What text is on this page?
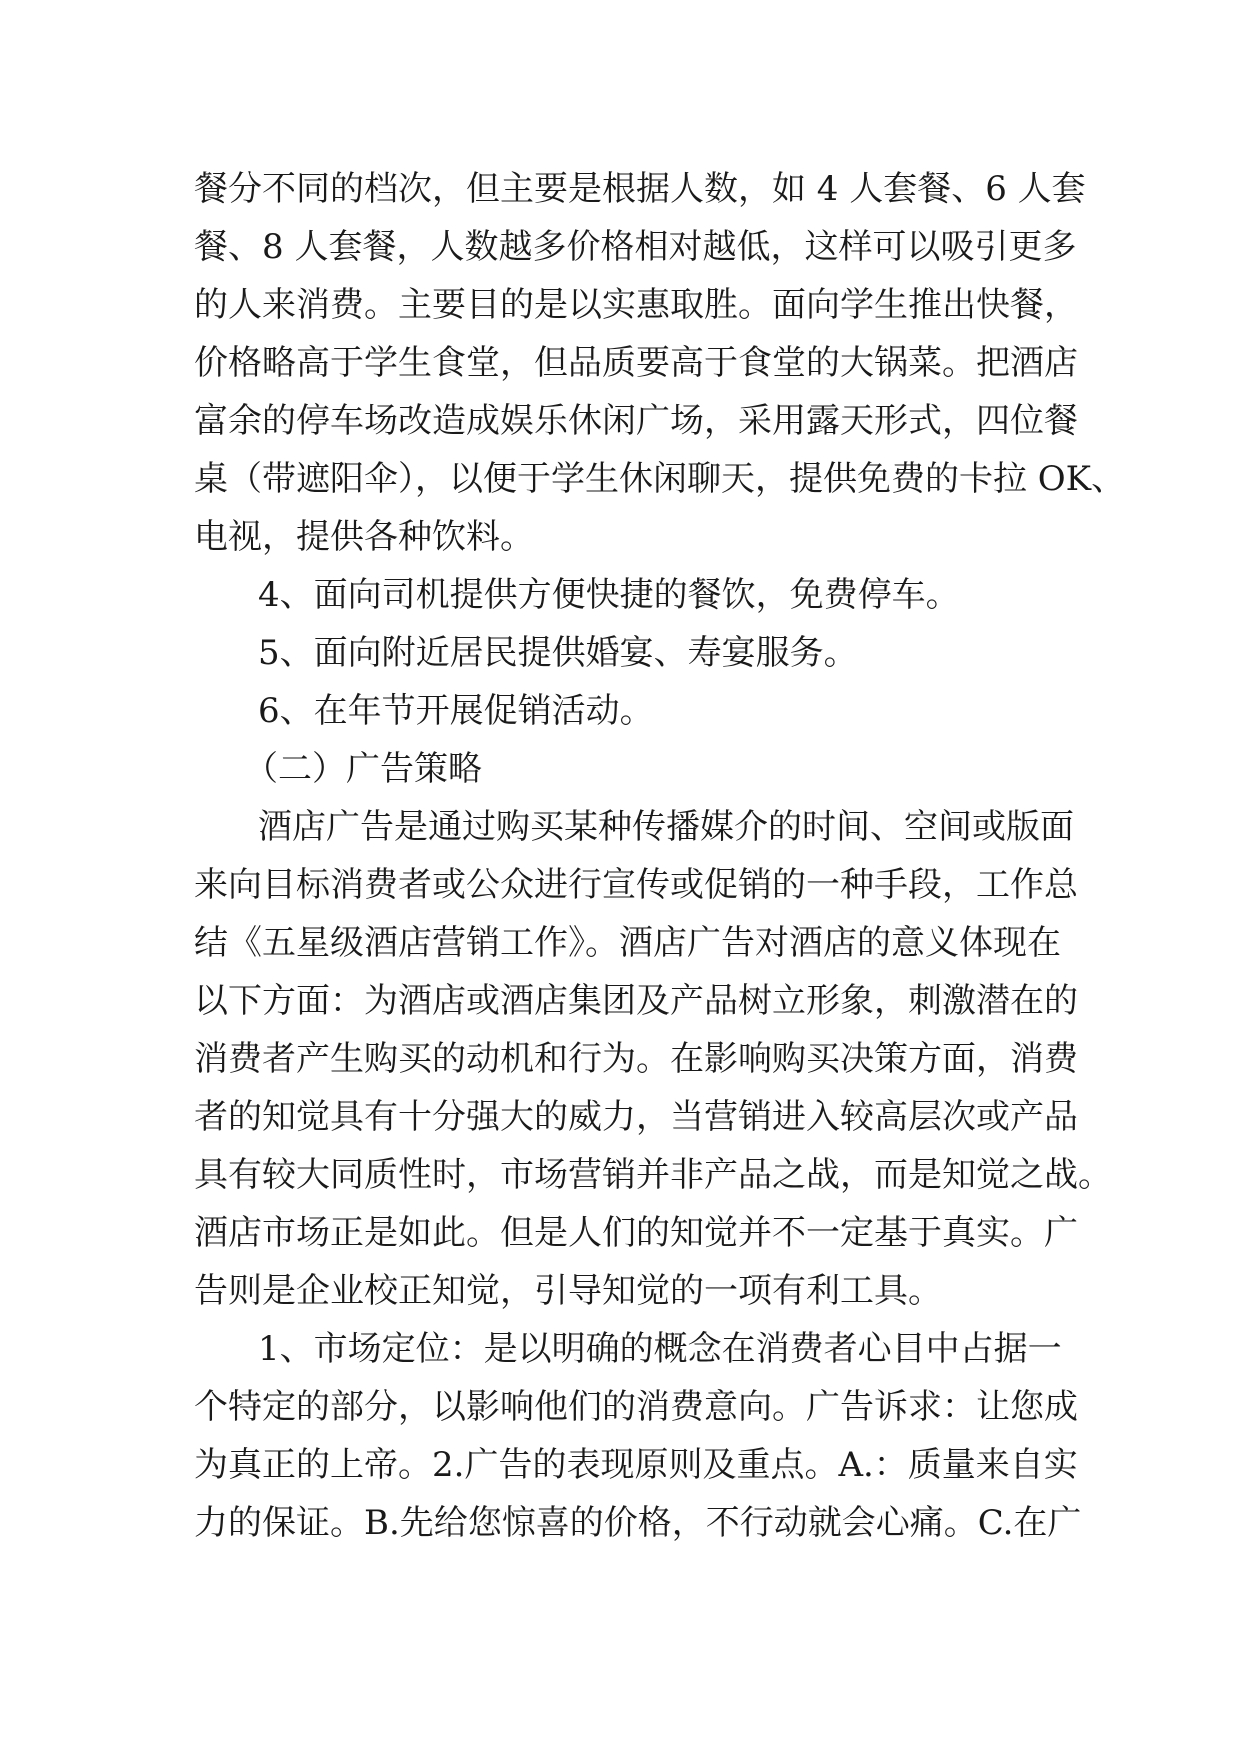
餐分不同的档次，但主要是根据人数，如 4 人套餐、6 人套
餐、8 人套餐，人数越多价格相对越低，这样可以吸引更多
的人来消费。主要目的是以实惠取胜。面向学生推出快餐，
价格略高于学生食堂，但品质要高于食堂的大锅菜。把酒店
富余的停车场改造成娱乐休闲广场，采用露天形式，四位餐
桌（带遮阳伞），以便于学生休闲聊天，提供免费的卡拉 OK、
电视，提供各种饮料。
4、面向司机提供方便快捷的餐饮，免费停车。
5、面向附近居民提供婚宴、寿宴服务。
6、在年节开展促销活动。
（二）广告策略
酒店广告是通过购买某种传播媒介的时间、空间或版面
来向目标消费者或公众进行宣传或促销的一种手段，工作总
结《五星级酒店营销工作》。酒店广告对酒店的意义体现在
以下方面：为酒店或酒店集团及产品树立形象，刺激潜在的
消费者产生购买的动机和行为。在影响购买决策方面，消费
者的知觉具有十分强大的威力，当营销进入较高层次或产品
具有较大同质性时，市场营销并非产品之战，而是知觉之战。
酒店市场正是如此。但是人们的知觉并不一定基于真实。广
告则是企业校正知觉，引导知觉的一项有利工具。
1、市场定位：是以明确的概念在消费者心目中占据一
个特定的部分，以影响他们的消费意向。广告诉求：让您成
为真正的上帝。2.广告的表现原则及重点。A.：质量来自实
力的保证。B.先给您惊喜的价格，不行动就会心痛。C.在广
